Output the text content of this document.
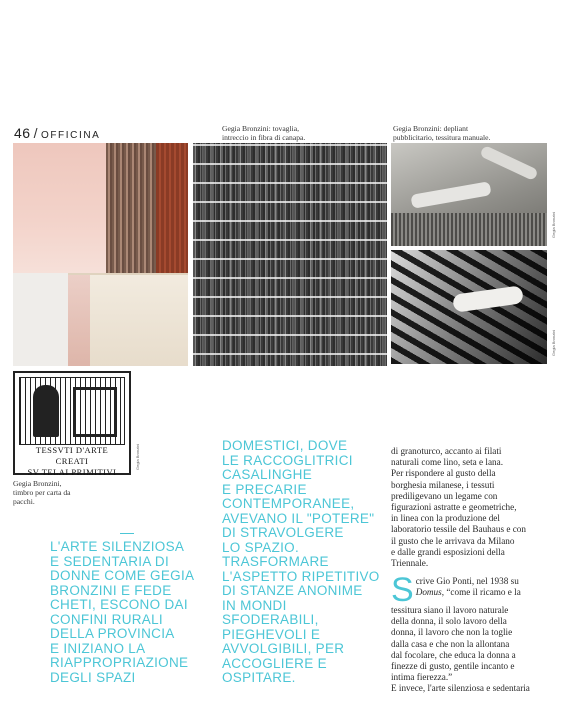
46 / OFFICINA
Gegia Bronzini: tovaglia,
intreccio in fibra di canapa.
Gegia Bronzini: depliant
pubblicitario, tessitura manuale.
Gegia Bronzini
Gegia Bronzini
TESSVTI D'ARTE CREATI
SV TELAI PRIMITIVI
Gegia Bronzini
Gegia Bronzini,
timbro per carta da
pacchi.
L'ARTE SILENZIOSA
E SEDENTARIA DI
DONNE COME GEGIA
BRONZINI E FEDE
CHETI, ESCONO DAI
CONFINI RURALI
DELLA PROVINCIA
E INIZIANO LA
RIAPPROPRIAZIONE
DEGLI SPAZI
DOMESTICI, DOVE
LE RACCOGLITRICI
CASALINGHE
E PRECARIE
CONTEMPORANEE,
AVEVANO IL "POTERE"
DI STRAVOLGERE
LO SPAZIO.
TRASFORMARE
L'ASPETTO RIPETITIVO
DI STANZE ANONIME
IN MONDI
SFODERABILI,
PIEGHEVOLI E
AVVOLGIBILI, PER
ACCOGLIERE E
OSPITARE.
di granoturco, accanto ai filati
naturali come lino, seta e lana.
Per rispondere al gusto della
borghesia milanese, i tessuti
prediligevano un legame con
figurazioni astratte e geometriche,
in linea con la produzione del
laboratorio tessile del Bauhaus e con
il gusto che le arrivava da Milano
e dalle grandi esposizioni della
Triennale.
S crive Gio Ponti, nel 1938 su
Domus, “come il ricamo e la
tessitura siano il lavoro naturale
della donna, il solo lavoro della
donna, il lavoro che non la toglie
dalla casa e che non la allontana
dal focolare, che educa la donna a
finezze di gusto, gentile incanto e
intima fierezza.”
E invece, l'arte silenziosa e sedentaria
